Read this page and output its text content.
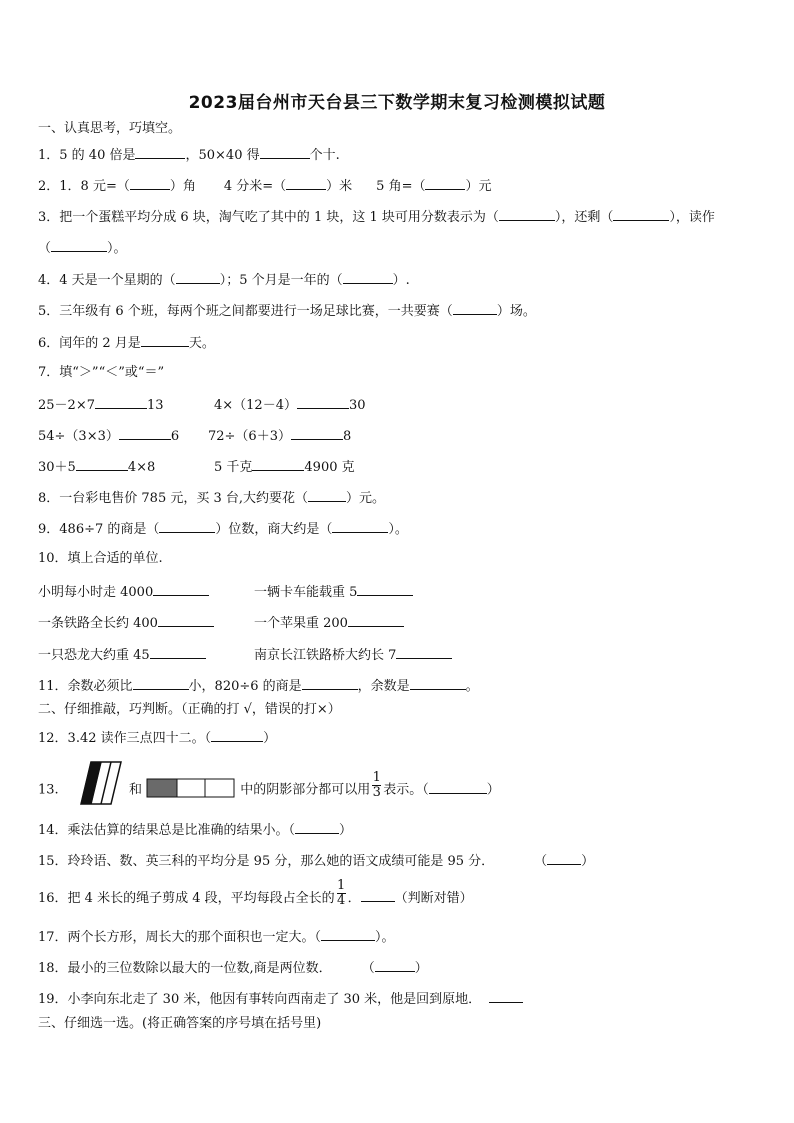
2023届台州市天台县三下数学期末复习检测模拟试题
一、认真思考，巧填空。
1．5 的 40 倍是	，50×40 得	个十.
2．1．8 元=（	）角 4 分米=（	）米 5 角=（	）元
3．把一个蛋糕平均分成 6 块，淘气吃了其中的 1 块，这 1 块可用分数表示为（	），还剩（	），读作
（	）。
4．4 天是一个星期的（	）；5 个月是一年的（	）.
5．三年级有 6 个班，每两个班之间都要进行一场足球比赛，一共要赛（	）场。
6．闰年的 2 月是	天。
7．填“＞”“＜”或“＝”
25－2×7	13	4×（12－4）	30
54÷（3×3）	6 72÷（6＋3）	8
30＋5	4×8	5 千克	4900 克
8．一台彩电售价 785 元，买 3 台,大约要花（	）元。
9．486÷7 的商是（	）位数，商大约是（	）。
10．填上合适的单位.
小明每小时走 4000	一辆卡车能载重 5
一条铁路全长约 400	一个苹果重 200
一只恐龙大约重 45	南京长江铁路桥大约长 7
11．余数必须比	小，820÷6 的商是	，余数是	。
二、仔细推敲，巧判断。（正确的打 √，错误的打×）
12．3.42 读作三点四十二。（	）
13.	和	中的阴影部分都可以用 $\frac{1}{3}$ 表示。（	）
14．乘法估算的结果总是比准确的结果小。（	）
15．玲玲语、数、英三科的平均分是 95 分，那么她的语文成绩可能是 95 分．	（	）
16．把 4 米长的绳子剪成 4 段，平均每段占全长的 $\frac{1}{4}$ ．	（判断对错）
17．两个长方形，周长大的那个面积也一定大。（	）。
18．最小的三位数除以最大的一位数,商是两位数． （	）
19．小李向东北走了 30 米，他因有事转向西南走了 30 米，他是回到原地．
三、仔细选一选。(将正确答案的序号填在括号里)
